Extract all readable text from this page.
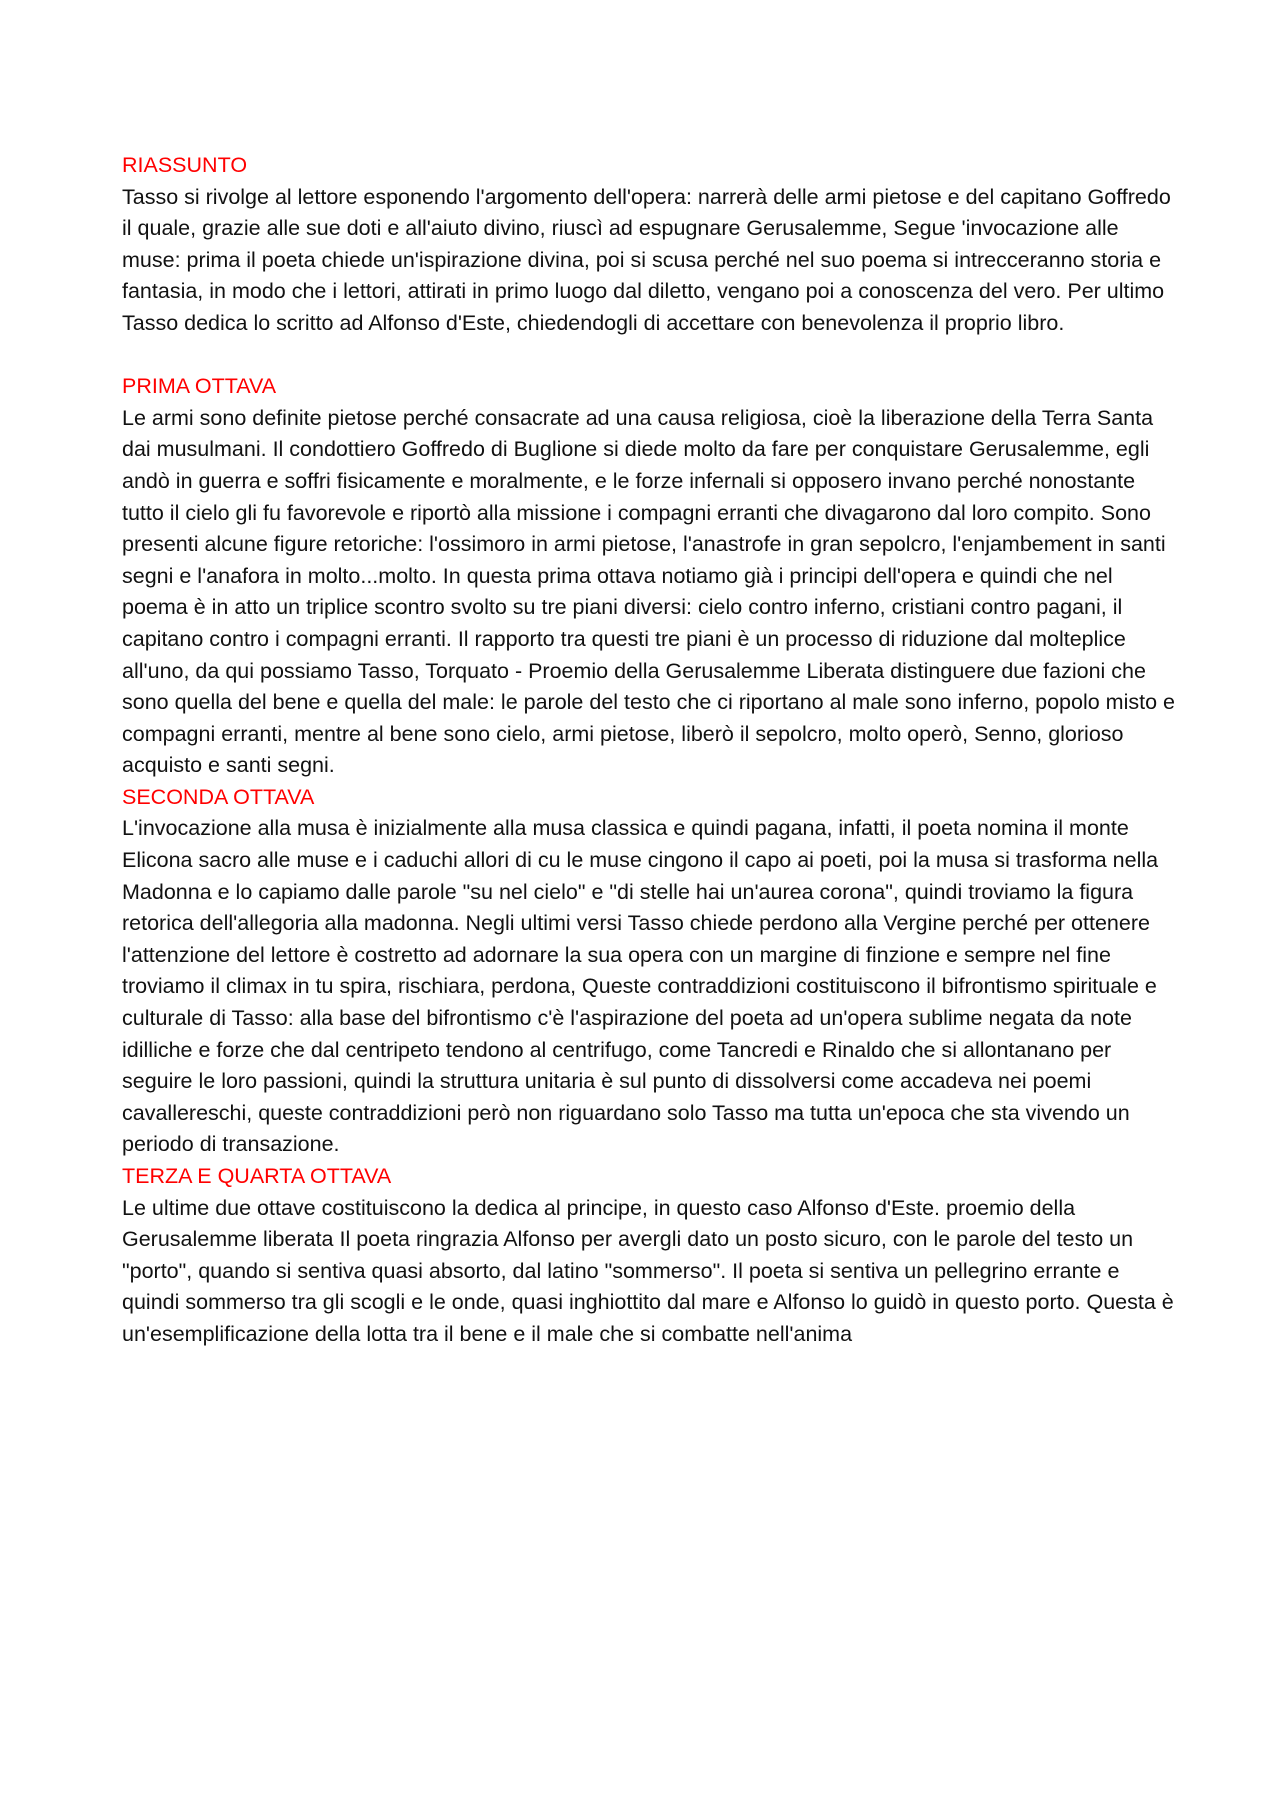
RIASSUNTO

Tasso si rivolge al lettore esponendo l'argomento dell'opera: narrerà delle armi pietose e del capitano Goffredo il quale, grazie alle sue doti e all'aiuto divino, riuscì ad espugnare Gerusalemme, Segue 'invocazione alle muse: prima il poeta chiede un'ispirazione divina, poi si scusa perché nel suo poema si intrecceranno storia e fantasia, in modo che i lettori, attirati in primo luogo dal diletto, vengano poi a conoscenza del vero. Per ultimo Tasso dedica lo scritto ad Alfonso d'Este, chiedendogli di accettare con benevolenza il proprio libro.

PRIMA OTTAVA

Le armi sono definite pietose perché consacrate ad una causa religiosa, cioè la liberazione della Terra Santa dai musulmani. Il condottiero Goffredo di Buglione si diede molto da fare per conquistare Gerusalemme, egli andò in guerra e soffri fisicamente e moralmente, e le forze infernali si opposero invano perché nonostante tutto il cielo gli fu favorevole e riportò alla missione i compagni erranti che divagarono dal loro compito. Sono presenti alcune figure retoriche: l'ossimoro in armi pietose, l'anastrofe in gran sepolcro, l'enjambement in santi segni e l'anafora in molto...molto. In questa prima ottava notiamo già i principi dell'opera e quindi che nel poema è in atto un triplice scontro svolto su tre piani diversi: cielo contro inferno, cristiani contro pagani, il capitano contro i compagni erranti. Il rapporto tra questi tre piani è un processo di riduzione dal molteplice all'uno, da qui possiamo Tasso, Torquato - Proemio della Gerusalemme Liberata distinguere due fazioni che sono quella del bene e quella del male: le parole del testo che ci riportano al male sono inferno, popolo misto e compagni erranti, mentre al bene sono cielo, armi pietose, liberò il sepolcro, molto operò, Senno, glorioso acquisto e santi segni.

SECONDA OTTAVA

L'invocazione alla musa è inizialmente alla musa classica e quindi pagana, infatti, il poeta nomina il monte Elicona sacro alle muse e i caduchi allori di cu le muse cingono il capo ai poeti, poi la musa si trasforma nella Madonna e lo capiamo dalle parole "su nel cielo" e "di stelle hai un'aurea corona", quindi troviamo la figura retorica dell'allegoria alla madonna. Negli ultimi versi Tasso chiede perdono alla Vergine perché per ottenere l'attenzione del lettore è costretto ad adornare la sua opera con un margine di finzione e sempre nel fine troviamo il climax in tu spira, rischiara, perdona, Queste contraddizioni costituiscono il bifrontismo spirituale e culturale di Tasso: alla base del bifrontismo c'è l'aspirazione del poeta ad un'opera sublime negata da note idilliche e forze che dal centripeto tendono al centrifugo, come Tancredi e Rinaldo che si allontanano per seguire le loro passioni, quindi la struttura unitaria è sul punto di dissolversi come accadeva nei poemi cavallereschi, queste contraddizioni però non riguardano solo Tasso ma tutta un'epoca che sta vivendo un periodo di transazione.

TERZA E QUARTA OTTAVA

Le ultime due ottave costituiscono la dedica al principe, in questo caso Alfonso d'Este. proemio della Gerusalemme liberata Il poeta ringrazia Alfonso per avergli dato un posto sicuro, con le parole del testo un "porto", quando si sentiva quasi absorto, dal latino "sommerso". Il poeta si sentiva un pellegrino errante e quindi sommerso tra gli scogli e le onde, quasi inghiottito dal mare e Alfonso lo guidò in questo porto. Questa è un'esemplificazione della lotta tra il bene e il male che si combatte nell'anima
